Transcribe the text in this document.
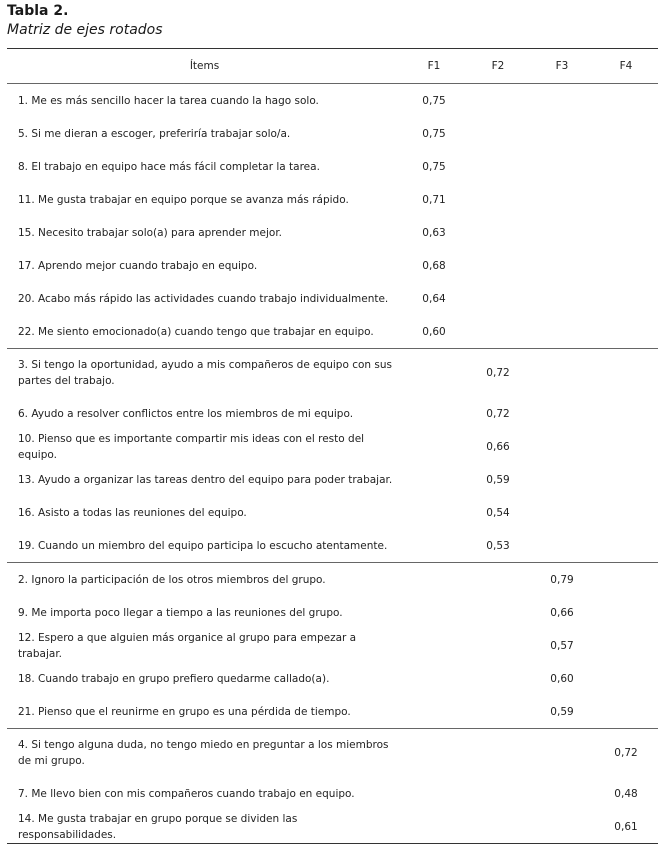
Tabla 2.
Matriz de ejes rotados
Ítems	F1	F2	F3	F4
1. Me es más sencillo hacer la tarea cuando la hago solo.	0,75			
5. Si me dieran a escoger, preferiría trabajar solo/a.	0,75			
8. El trabajo en equipo hace más fácil completar la tarea.	0,75			
11. Me gusta trabajar en equipo porque se avanza más rápido.	0,71			
15. Necesito trabajar solo(a) para aprender mejor.	0,63			
17. Aprendo mejor cuando trabajo en equipo.	0,68			
20. Acabo más rápido las actividades cuando trabajo individualmente.	0,64			
22. Me siento emocionado(a) cuando tengo que trabajar en equipo.	0,60			
3. Si tengo la oportunidad, ayudo a mis compañeros de equipo con sus partes del trabajo.		0,72		
6. Ayudo a resolver conflictos entre los miembros de mi equipo.		0,72		
10. Pienso que es importante compartir mis ideas con el resto del equipo.		0,66		
13. Ayudo a organizar las tareas dentro del equipo para poder trabajar.		0,59		
16. Asisto a todas las reuniones del equipo.		0,54		
19. Cuando un miembro del equipo participa lo escucho atentamente.		0,53		
2. Ignoro la participación de los otros miembros del grupo.			0,79	
9. Me importa poco llegar a tiempo a las reuniones del grupo.			0,66	
12. Espero a que alguien más organice al grupo para empezar a trabajar.			0,57	
18. Cuando trabajo en grupo prefiero quedarme callado(a).			0,60	
21. Pienso que el reunirme en grupo es una pérdida de tiempo.			0,59	
4. Si tengo alguna duda, no tengo miedo en preguntar a los miembros de mi grupo.				0,72
7. Me llevo bien con mis compañeros cuando trabajo en equipo.				0,48
14. Me gusta trabajar en grupo porque se dividen las responsabilidades.				0,61
